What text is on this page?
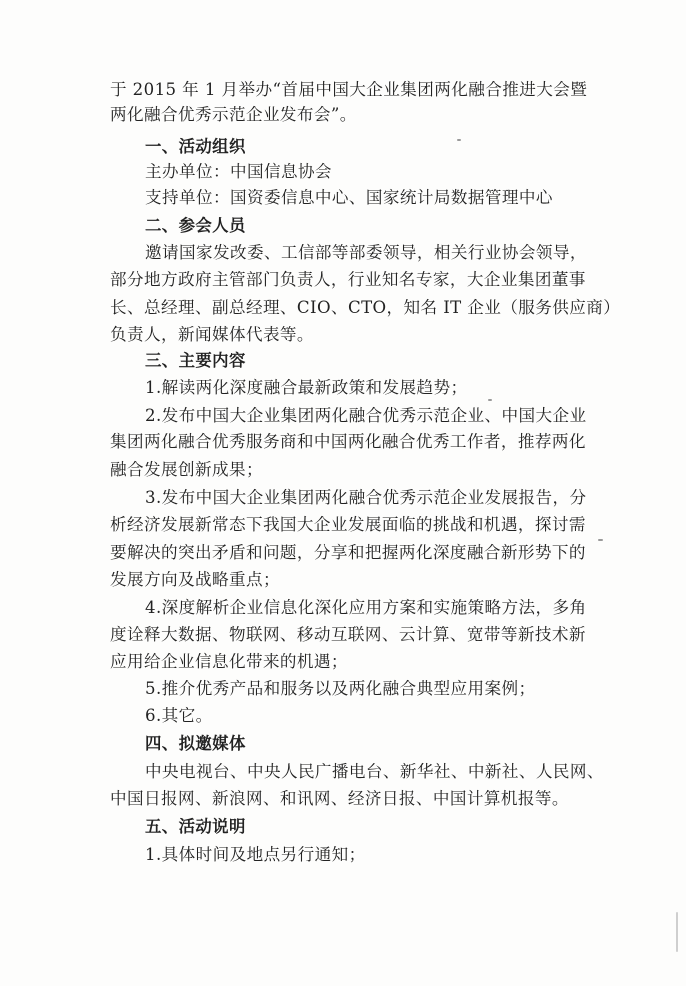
于 2015 年 1 月举办“首届中国大企业集团两化融合推进大会暨
两化融合优秀示范企业发布会”。
一、活动组织
主办单位：中国信息协会
支持单位：国资委信息中心、国家统计局数据管理中心
二、参会人员
邀请国家发改委、工信部等部委领导，相关行业协会领导，
部分地方政府主管部门负责人，行业知名专家，大企业集团董事
长、总经理、副总经理、CIO、CTO，知名 IT 企业（服务供应商）
负责人，新闻媒体代表等。
三、主要内容
1.解读两化深度融合最新政策和发展趋势；
2.发布中国大企业集团两化融合优秀示范企业、中国大企业
集团两化融合优秀服务商和中国两化融合优秀工作者，推荐两化
融合发展创新成果；
3.发布中国大企业集团两化融合优秀示范企业发展报告，分
析经济发展新常态下我国大企业发展面临的挑战和机遇，探讨需
要解决的突出矛盾和问题，分享和把握两化深度融合新形势下的
发展方向及战略重点；
4.深度解析企业信息化深化应用方案和实施策略方法，多角
度诠释大数据、物联网、移动互联网、云计算、宽带等新技术新
应用给企业信息化带来的机遇；
5.推介优秀产品和服务以及两化融合典型应用案例；
6.其它。
四、拟邀媒体
中央电视台、中央人民广播电台、新华社、中新社、人民网、
中国日报网、新浪网、和讯网、经济日报、中国计算机报等。
五、活动说明
1.具体时间及地点另行通知；
